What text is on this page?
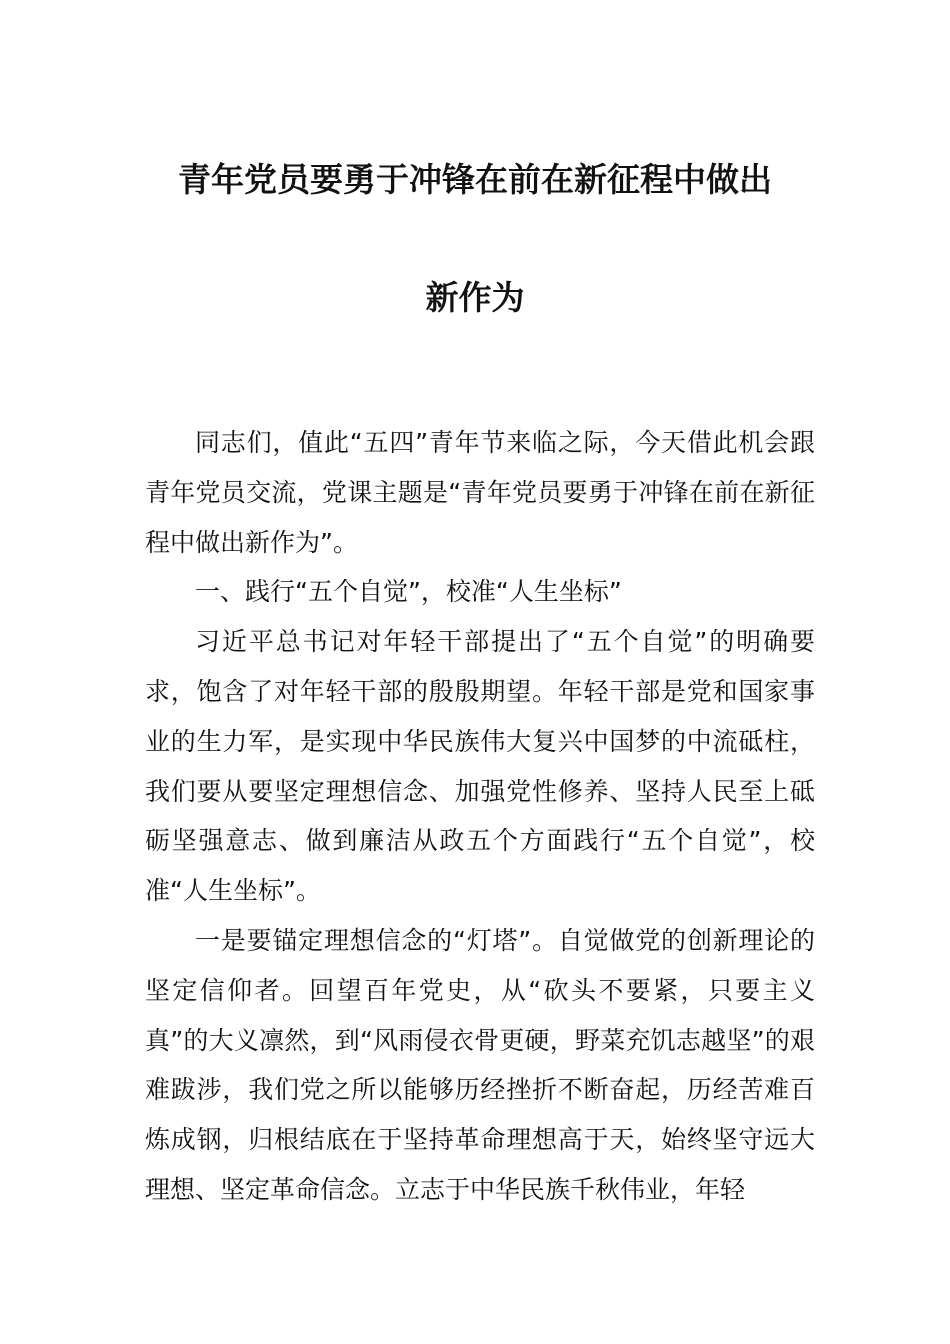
青年党员要勇于冲锋在前在新征程中做出
新作为

同志们，值此“五四”青年节来临之际，今天借此机会跟青年党员交流，党课主题是“青年党员要勇于冲锋在前在新征程中做出新作为”。

一、践行“五个自觉”，校准“人生坐标”

习近平总书记对年轻干部提出了“五个自觉”的明确要求，饱含了对年轻干部的殷殷期望。年轻干部是党和国家事业的生力军，是实现中华民族伟大复兴中国梦的中流砥柱，我们要从要坚定理想信念、加强党性修养、坚持人民至上砥砺坚强意志、做到廉洁从政五个方面践行“五个自觉”，校准“人生坐标”。

一是要锚定理想信念的“灯塔”。自觉做党的创新理论的坚定信仰者。回望百年党史，从“砍头不要紧，只要主义真”的大义凛然，到“风雨侵衣骨更硬，野菜充饥志越坚”的艰难跋涉，我们党之所以能够历经挫折不断奋起，历经苦难百炼成钢，归根结底在于坚持革命理想高于天，始终坚守远大理想、坚定革命信念。立志于中华民族千秋伟业，年轻
